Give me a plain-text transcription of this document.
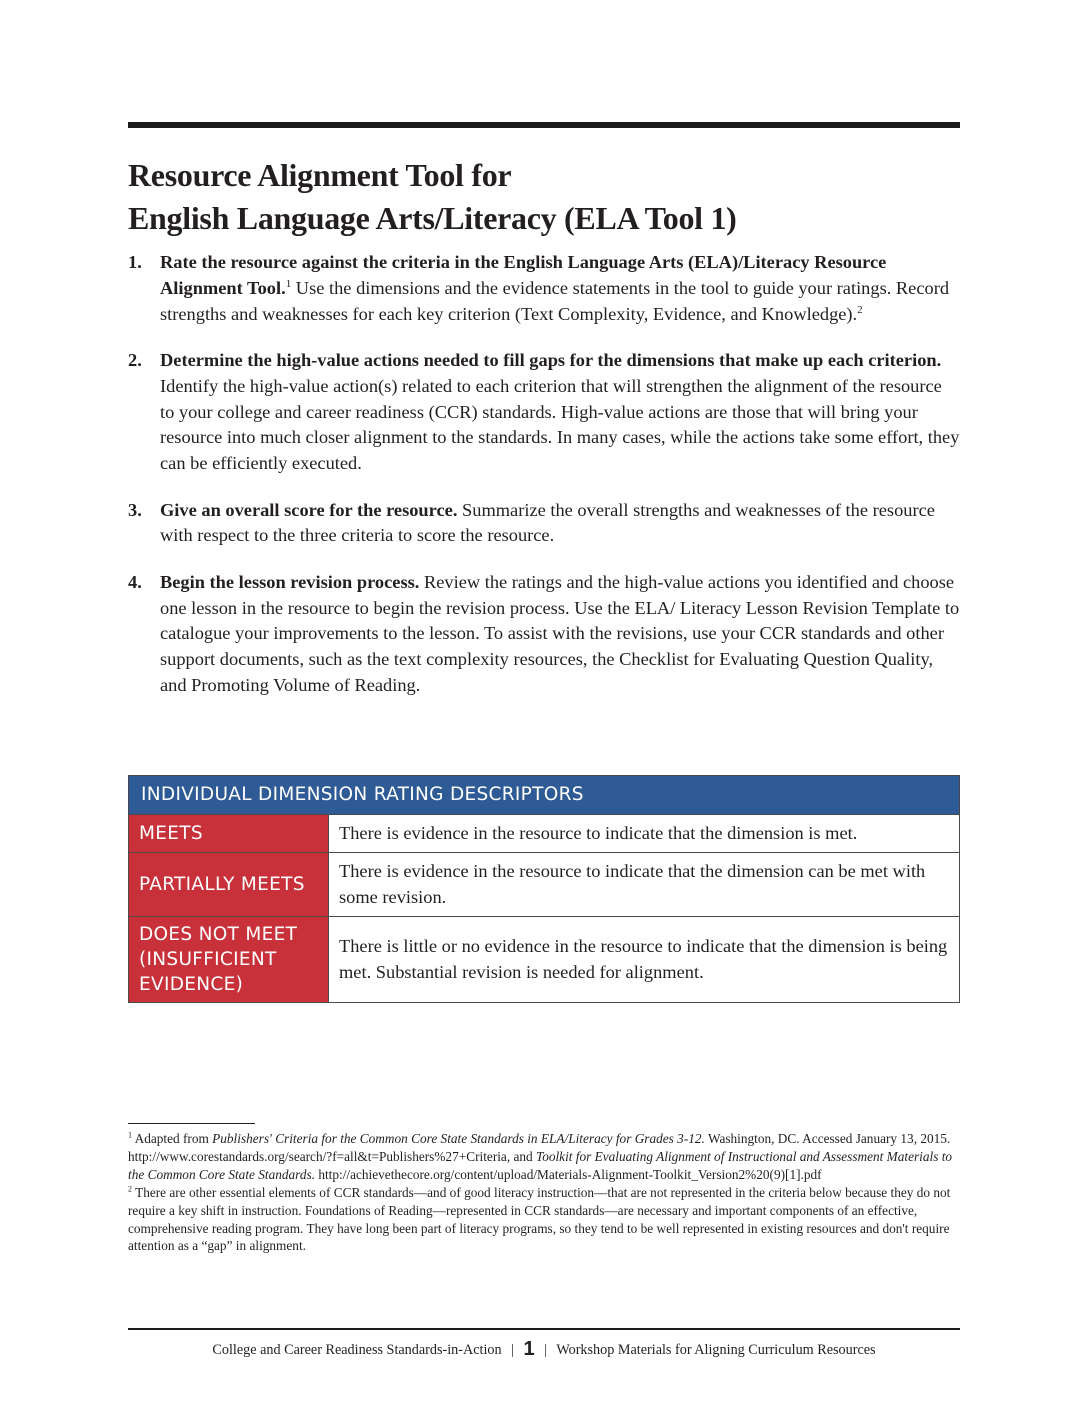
Resource Alignment Tool for
English Language Arts/Literacy (ELA Tool 1)
1. Rate the resource against the criteria in the English Language Arts (ELA)/Literacy Resource Alignment Tool.$^1$ Use the dimensions and the evidence statements in the tool to guide your ratings. Record strengths and weaknesses for each key criterion (Text Complexity, Evidence, and Knowledge).$^2$
2. Determine the high-value actions needed to fill gaps for the dimensions that make up each criterion. Identify the high-value action(s) related to each criterion that will strengthen the alignment of the resource to your college and career readiness (CCR) standards. High-value actions are those that will bring your resource into much closer alignment to the standards. In many cases, while the actions take some effort, they can be efficiently executed.
3. Give an overall score for the resource. Summarize the overall strengths and weaknesses of the resource with respect to the three criteria to score the resource.
4. Begin the lesson revision process. Review the ratings and the high-value actions you identified and choose one lesson in the resource to begin the revision process. Use the ELA/ Literacy Lesson Revision Template to catalogue your improvements to the lesson. To assist with the revisions, use your CCR standards and other support documents, such as the text complexity resources, the Checklist for Evaluating Question Quality, and Promoting Volume of Reading.
INDIVIDUAL DIMENSION RATING DESCRIPTORS
MEETS	There is evidence in the resource to indicate that the dimension is met.
PARTIALLY MEETS
There is evidence in the resource to indicate that the dimension can be met with some revision.
DOES NOT MEET (INSUFFICIENT EVIDENCE)
There is little or no evidence in the resource to indicate that the dimension is being met. Substantial revision is needed for alignment.

$^1$ Adapted from Publishers' Criteria for the Common Core State Standards in ELA/Literacy for Grades 3-12. Washington, DC. Accessed January 13, 2015. http://www.corestandards.org/search/?f=all&t=Publishers%27+Criteria, and Toolkit for Evaluating Alignment of Instructional and Assessment Materials to the Common Core State Standards. http://achievethecore.org/content/upload/Materials-Alignment-Toolkit_Version2%20(9)[1].pdf

$^2$ There are other essential elements of CCR standards—and of good literacy instruction—that are not represented in the criteria below because they do not require a key shift in instruction. Foundations of Reading—represented in CCR standards—are necessary and important components of an effective, comprehensive reading program. They have long been part of literacy programs, so they tend to be well represented in existing resources and don't require attention as a “gap” in alignment.

College and Career Readiness Standards-in-Action | 1 | Workshop Materials for Aligning Curriculum Resources
